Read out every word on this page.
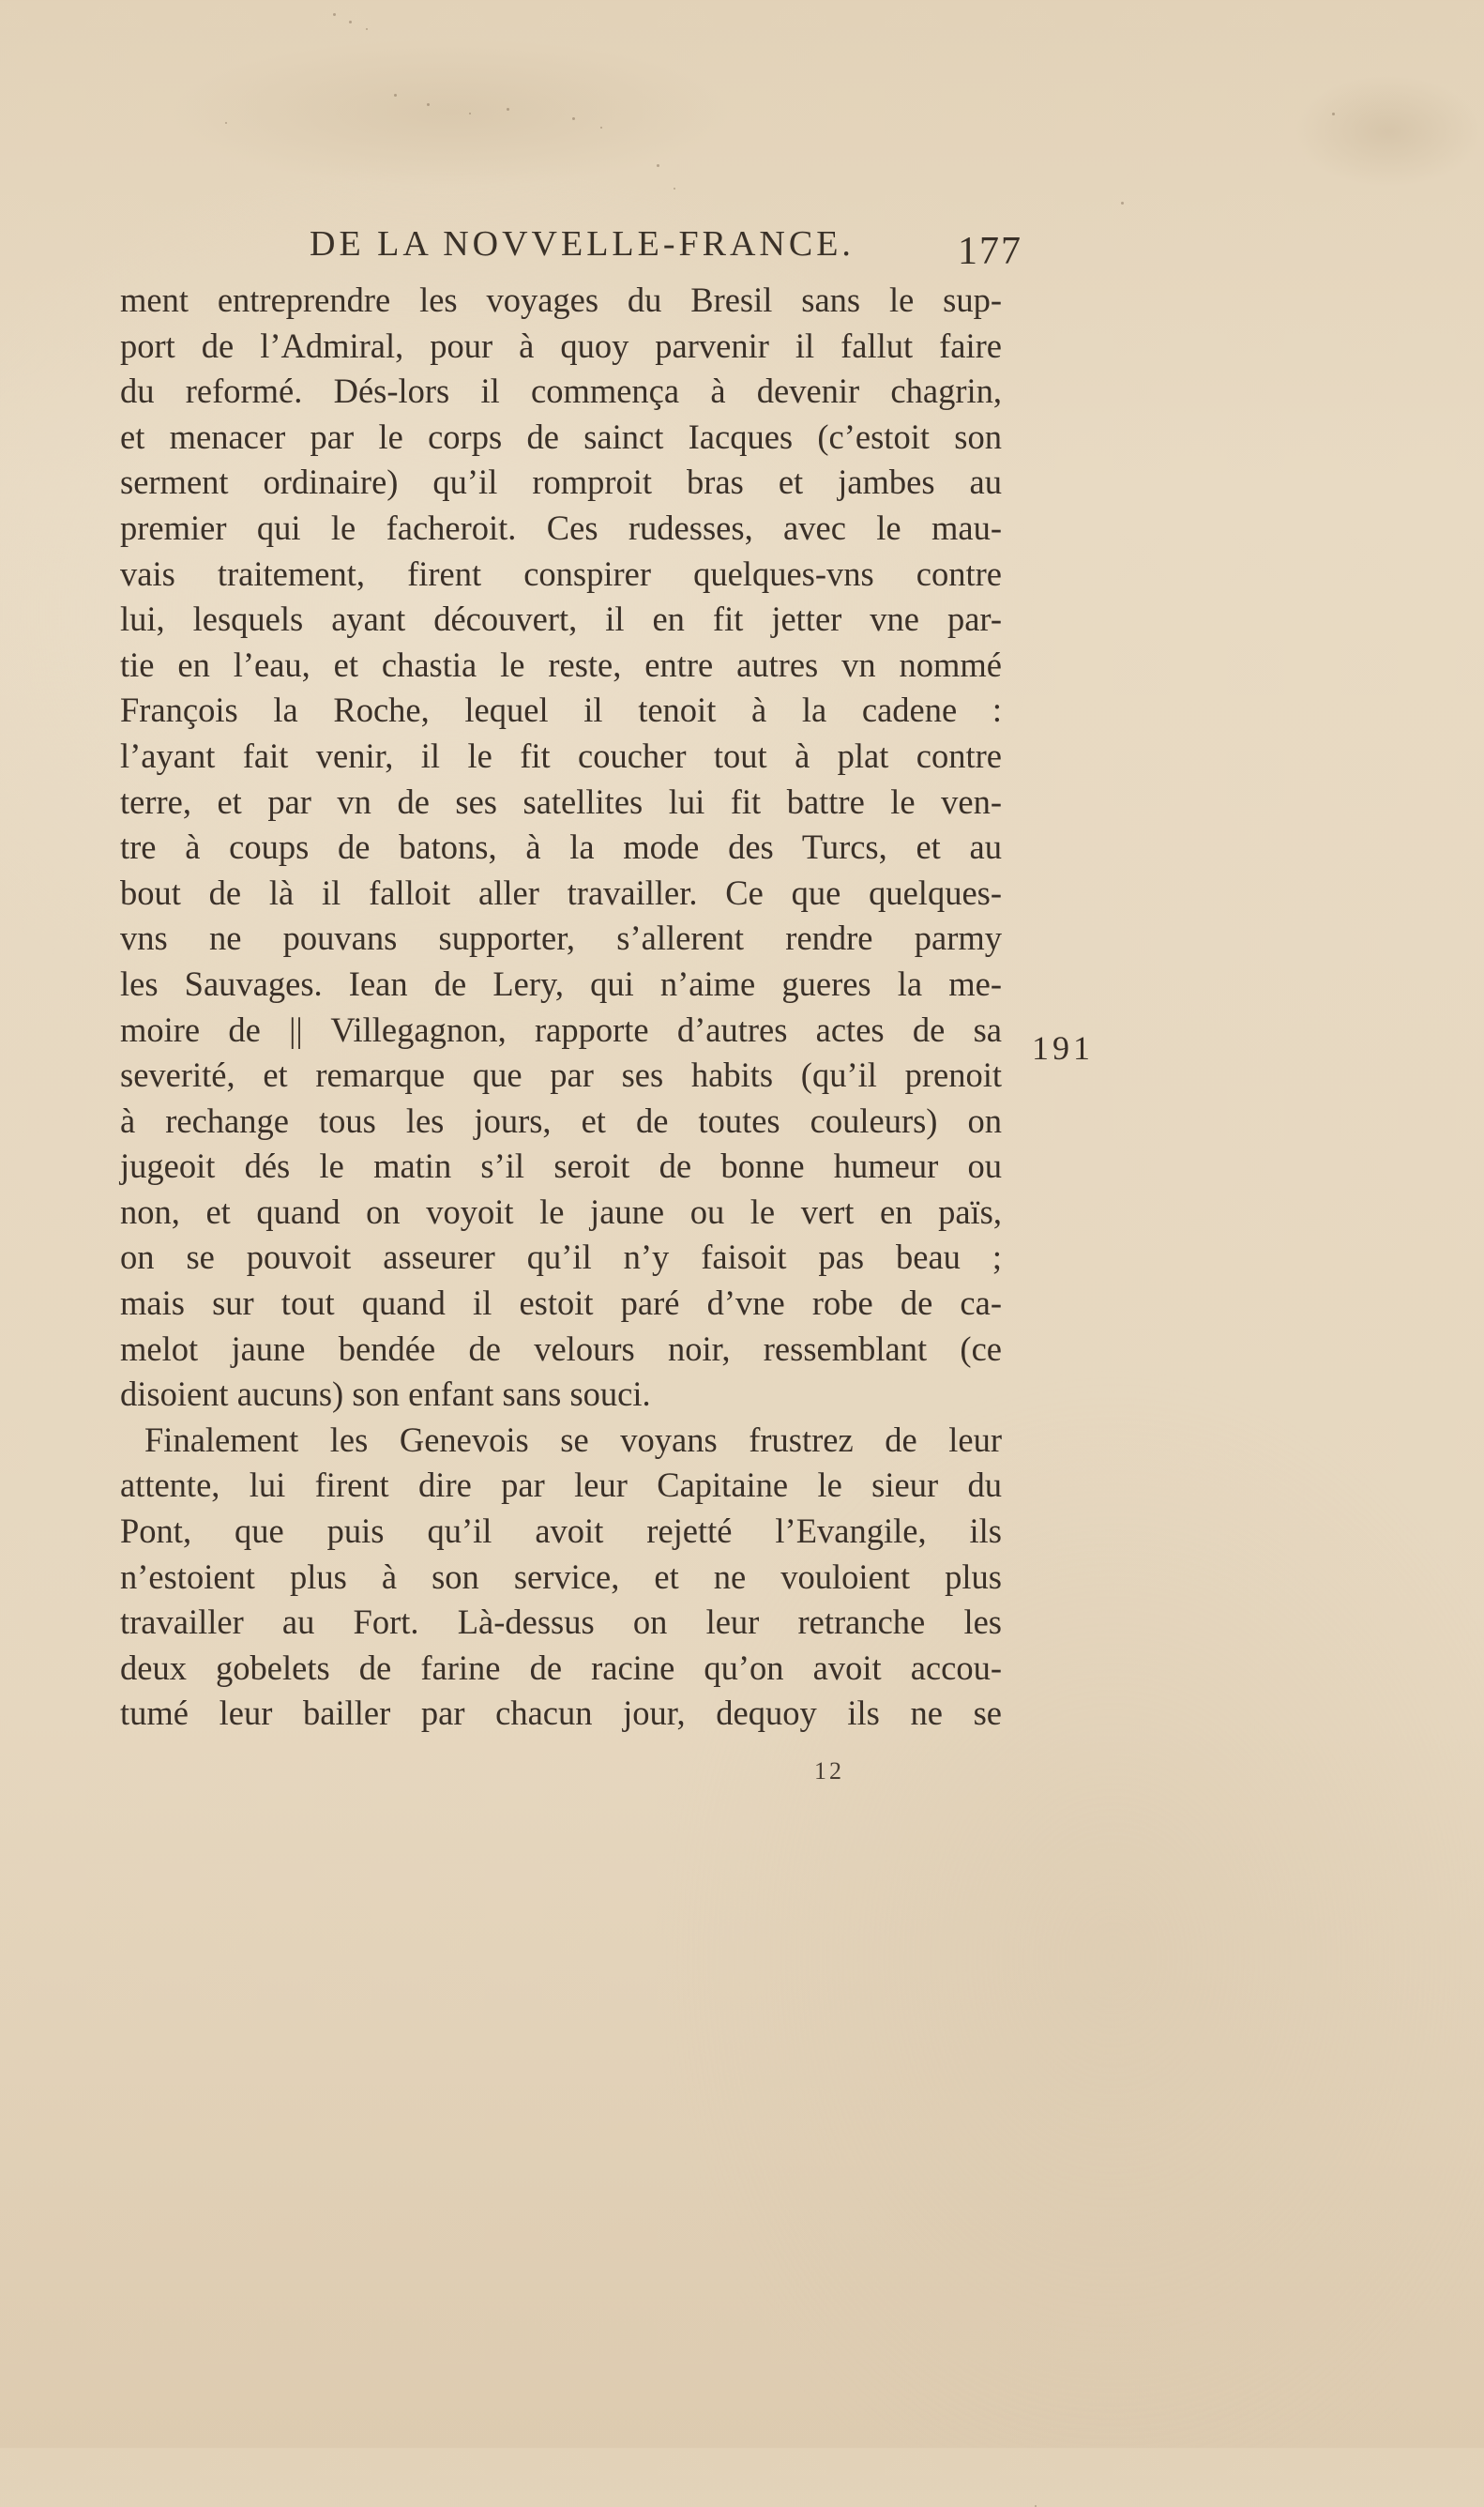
DE LA NOVVELLE-FRANCE.	177
ment entreprendre les voyages du Bresil sans le sup-
port de l’Admiral, pour à quoy parvenir il fallut faire
du reformé. Dés-lors il commença à devenir chagrin,
et menacer par le corps de sainct Iacques (c’estoit son
serment ordinaire) qu’il romproit bras et jambes au
premier qui le facheroit. Ces rudesses, avec le mau-
vais traitement, firent conspirer quelques-vns contre
lui, lesquels ayant découvert, il en fit jetter vne par-
tie en l’eau, et chastia le reste, entre autres vn nommé
François la Roche, lequel il tenoit à la cadene :
l’ayant fait venir, il le fit coucher tout à plat contre
terre, et par vn de ses satellites lui fit battre le ven-
tre à coups de batons, à la mode des Turcs, et au
bout de là il falloit aller travailler. Ce que quelques-
vns ne pouvans supporter, s’allerent rendre parmy
les Sauvages. Iean de Lery, qui n’aime gueres la me-
moire de || Villegagnon, rapporte d’autres actes de sa
severité, et remarque que par ses habits (qu’il prenoit
à rechange tous les jours, et de toutes couleurs) on
jugeoit dés le matin s’il seroit de bonne humeur ou
non, et quand on voyoit le jaune ou le vert en païs,
on se pouvoit asseurer qu’il n’y faisoit pas beau ;
mais sur tout quand il estoit paré d’vne robe de ca-
melot jaune bendée de velours noir, ressemblant (ce
disoient aucuns) son enfant sans souci.
Finalement les Genevois se voyans frustrez de leur
attente, lui firent dire par leur Capitaine le sieur du
Pont, que puis qu’il avoit rejetté l’Evangile, ils
n’estoient plus à son service, et ne vouloient plus
travailler au Fort. Là-dessus on leur retranche les
deux gobelets de farine de racine qu’on avoit accou-
tumé leur bailler par chacun jour, dequoy ils ne se
191
12
